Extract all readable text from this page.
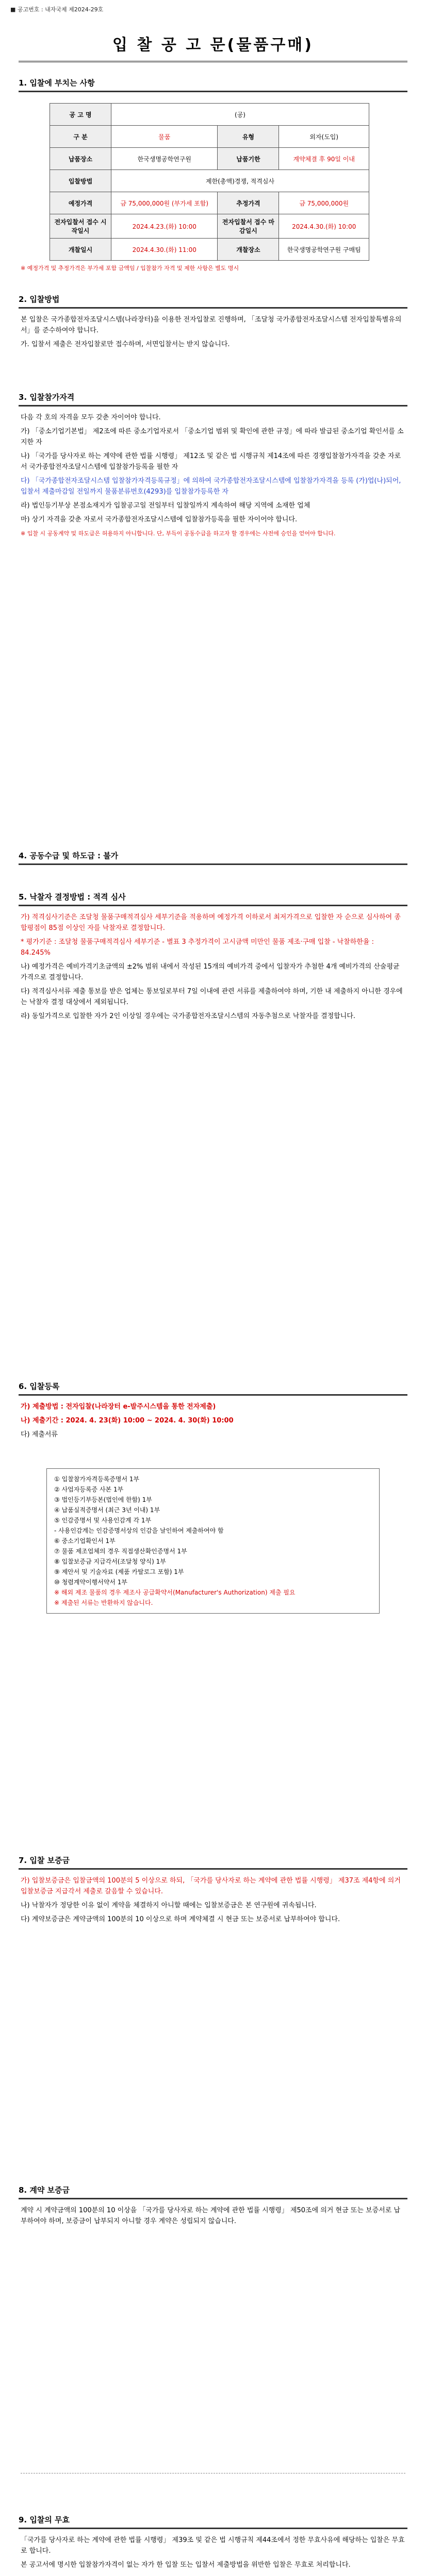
■ 공고번호 : 내자국제 제2024-29호
입 찰 공 고 문(물품구매)
1. 입찰에 부치는 사항
공 고 명	(공)		
구 분	물품	유형	외자(도입)
납품장소	한국생명공학연구원	납품기한	계약체결 후 90일 이내
입찰방법	제한(총액)경쟁, 적격심사		
예정가격	금 75,000,000원 (부가세 포함)	추정가격	금 75,000,000원
전자입찰서 접수 시작일시	2024.4.23.(화) 10:00	전자입찰서 접수 마감일시	2024.4.30.(화) 10:00
개찰일시	2024.4.30.(화) 11:00	개찰장소	한국생명공학연구원 구매팀
※ 예정가격 및 추정가격은 부가세 포함 금액임 / 입찰참가 자격 및 제한 사항은 별도 명시
2. 입찰방법

본 입찰은 국가종합전자조달시스템(나라장터)을 이용한 전자입찰로 진행하며, 「조달청 국가종합전자조달시스템 전자입찰특별유의서」를 준수하여야 합니다.

가. 입찰서 제출은 전자입찰로만 접수하며, 서면입찰서는 받지 않습니다.

3. 입찰참가자격

다음 각 호의 자격을 모두 갖춘 자이어야 합니다.

가) 「중소기업기본법」 제2조에 따른 중소기업자로서 「중소기업 범위 및 확인에 관한 규정」에 따라 발급된 중소기업 확인서를 소지한 자

나) 「국가를 당사자로 하는 계약에 관한 법률 시행령」 제12조 및 같은 법 시행규칙 제14조에 따른 경쟁입찰참가자격을 갖춘 자로서 국가종합전자조달시스템에 입찰참가등록을 필한 자

다) 「국가종합전자조달시스템 입찰참가자격등록규정」에 의하여 국가종합전자조달시스템에 입찰참가자격을 등록 (가)업(나)되어, 입찰서 제출마감일 전일까지 물품분류번호(4293)를 입찰참가등록한 자

라) 법인등기부상 본점소재지가 입찰공고일 전일부터 입찰일까지 계속하여 해당 지역에 소재한 업체

마) 상기 자격을 갖춘 자로서 국가종합전자조달시스템에 입찰참가등록을 필한 자이어야 합니다.

※ 입찰 시 공동계약 및 하도급은 허용하지 아니합니다. 단, 부득이 공동수급을 하고자 할 경우에는 사전에 승인을 얻어야 합니다.

4. 공동수급 및 하도급 : 불가
5. 낙찰자 결정방법 : 적격 심사

가) 적격심사기준은 조달청 물품구매적격심사 세부기준을 적용하며 예정가격 이하로서 최저가격으로 입찰한 자 순으로 심사하여 종합평점이 85점 이상인 자를 낙찰자로 결정합니다.

* 평가기준 : 조달청 물품구매적격심사 세부기준 - 별표 3 추정가격이 고시금액 미만인 물품 제조·구매 입찰 - 낙찰하한율 : 84.245%

나) 예정가격은 예비가격기초금액의 ±2% 범위 내에서 작성된 15개의 예비가격 중에서 입찰자가 추첨한 4개 예비가격의 산술평균가격으로 결정합니다.

다) 적격심사서류 제출 통보를 받은 업체는 통보일로부터 7일 이내에 관련 서류를 제출하여야 하며, 기한 내 제출하지 아니한 경우에는 낙찰자 결정 대상에서 제외됩니다.

라) 동일가격으로 입찰한 자가 2인 이상일 경우에는 국가종합전자조달시스템의 자동추첨으로 낙찰자를 결정합니다.

6. 입찰등록

가) 제출방법 : 전자입찰(나라장터 e-발주시스템을 통한 전자제출)

나) 제출기간 : 2024. 4. 23(화) 10:00 ~ 2024. 4. 30(화) 10:00

다) 제출서류

① 입찰참가자격등록증명서 1부
② 사업자등록증 사본 1부
③ 법인등기부등본(법인에 한함) 1부
④ 납품실적증명서 (최근 3년 이내) 1부
⑤ 인감증명서 및 사용인감계 각 1부
- 사용인감계는 인감증명서상의 인감을 날인하여 제출하여야 함
⑥ 중소기업확인서 1부
⑦ 물품 제조업체의 경우 직접생산확인증명서 1부
⑧ 입찰보증금 지급각서(조달청 양식) 1부
⑨ 제안서 및 기술자료 (제품 카탈로그 포함) 1부
⑩ 청렴계약이행서약서 1부
※ 해외 제조 물품의 경우 제조사 공급확약서(Manufacturer's Authorization) 제출 필요
※ 제출된 서류는 반환하지 않습니다.
7. 입찰 보증금

가) 입찰보증금은 입찰금액의 100분의 5 이상으로 하되, 「국가를 당사자로 하는 계약에 관한 법률 시행령」 제37조 제4항에 의거 입찰보증금 지급각서 제출로 갈음할 수 있습니다.

나) 낙찰자가 정당한 이유 없이 계약을 체결하지 아니할 때에는 입찰보증금은 본 연구원에 귀속됩니다.

다) 계약보증금은 계약금액의 100분의 10 이상으로 하며 계약체결 시 현금 또는 보증서로 납부하여야 합니다.

8. 계약 보증금

계약 시 계약금액의 100분의 10 이상을 「국가를 당사자로 하는 계약에 관한 법률 시행령」 제50조에 의거 현금 또는 보증서로 납부하여야 하며, 보증금이 납부되지 아니할 경우 계약은 성립되지 않습니다.

9. 입찰의 무효

「국가를 당사자로 하는 계약에 관한 법률 시행령」 제39조 및 같은 법 시행규칙 제44조에서 정한 무효사유에 해당하는 입찰은 무효로 합니다.

본 공고서에 명시한 입찰참가자격이 없는 자가 한 입찰 또는 입찰서 제출방법을 위반한 입찰은 무효로 처리합니다.
